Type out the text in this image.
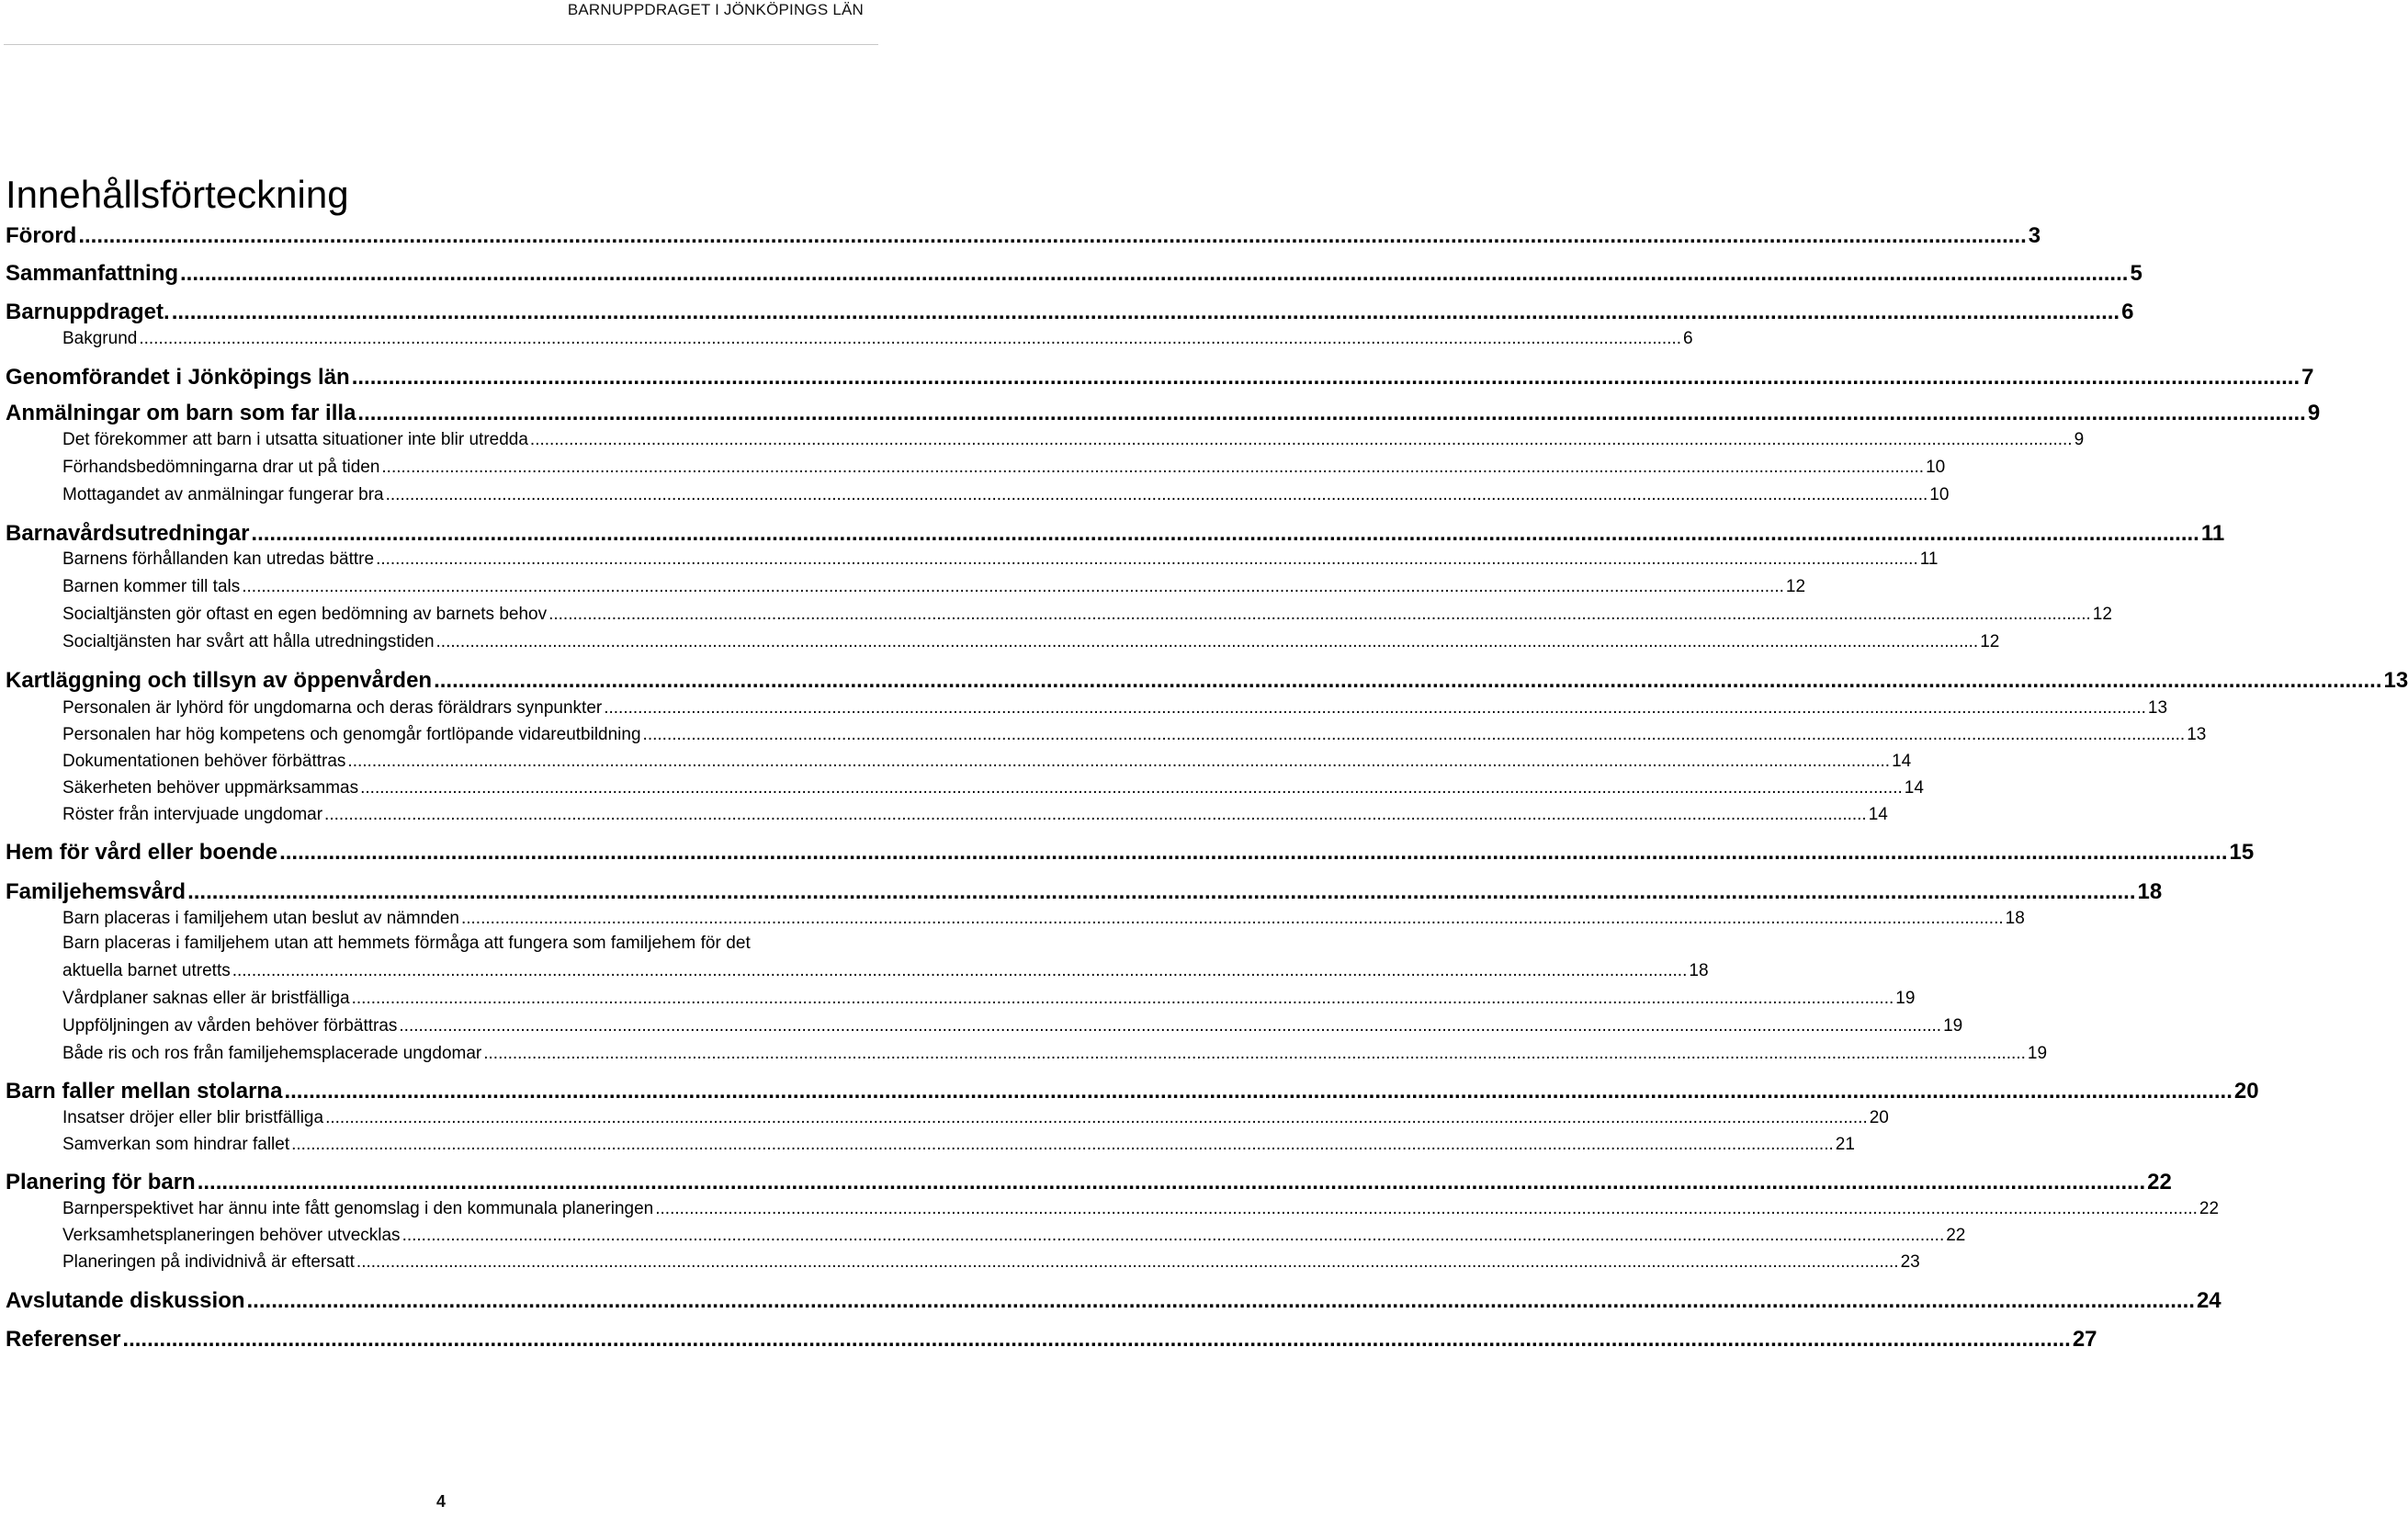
BARNUPPDRAGET I JÖNKÖPINGS LÄN
Innehållsförteckning
Förord .....	3
Sammanfattning .....	5
Barnuppdraget. .....	6
Bakgrund .....	6
Genomförandet i Jönköpings län .....	7
Anmälningar om barn som far illa .....	9
Det förekommer att barn i utsatta situationer inte blir utredda .....	9
Förhandsbedömningarna drar ut på tiden .....	10
Mottagandet av anmälningar fungerar bra .....	10
Barnavårdsutredningar .....	11
Barnens förhållanden kan utredas bättre .....	11
Barnen kommer till tals .....	12
Socialtjänsten gör oftast en egen bedömning av barnets behov .....	12
Socialtjänsten har svårt att hålla utredningstiden .....	12
Kartläggning och tillsyn av öppenvården .....	13
Personalen är lyhörd för ungdomarna och deras föräldrars synpunkter .....	13
Personalen har hög kompetens och genomgår fortlöpande vidareutbildning .....	13
Dokumentationen behöver förbättras .....	14
Säkerheten behöver uppmärksammas .....	14
Röster från intervjuade ungdomar .....	14
Hem för vård eller boende .....	15
Familjehemsvård .....	18
Barn placeras i familjehem utan beslut av nämnden .....	18
Barn placeras i familjehem utan att hemmets förmåga att fungera som familjehem för det
aktuella barnet utretts ............................................................................................................................................................................................................................................................................................................ 18
Vårdplaner saknas eller är bristfälliga .....	19
Uppföljningen av vården behöver förbättras .....	19
Både ris och ros från familjehemsplacerade ungdomar .....	19
Barn faller mellan stolarna .....	20
Insatser dröjer eller blir bristfälliga .....	20
Samverkan som hindrar fallet .....	21
Planering för barn .....	22
Barnperspektivet har ännu inte fått genomslag i den kommunala planeringen .....	22
Verksamhetsplaneringen behöver utvecklas .....	22
Planeringen på individnivå är eftersatt .....	23
Avslutande diskussion .....	24
Referenser .....	27
4
